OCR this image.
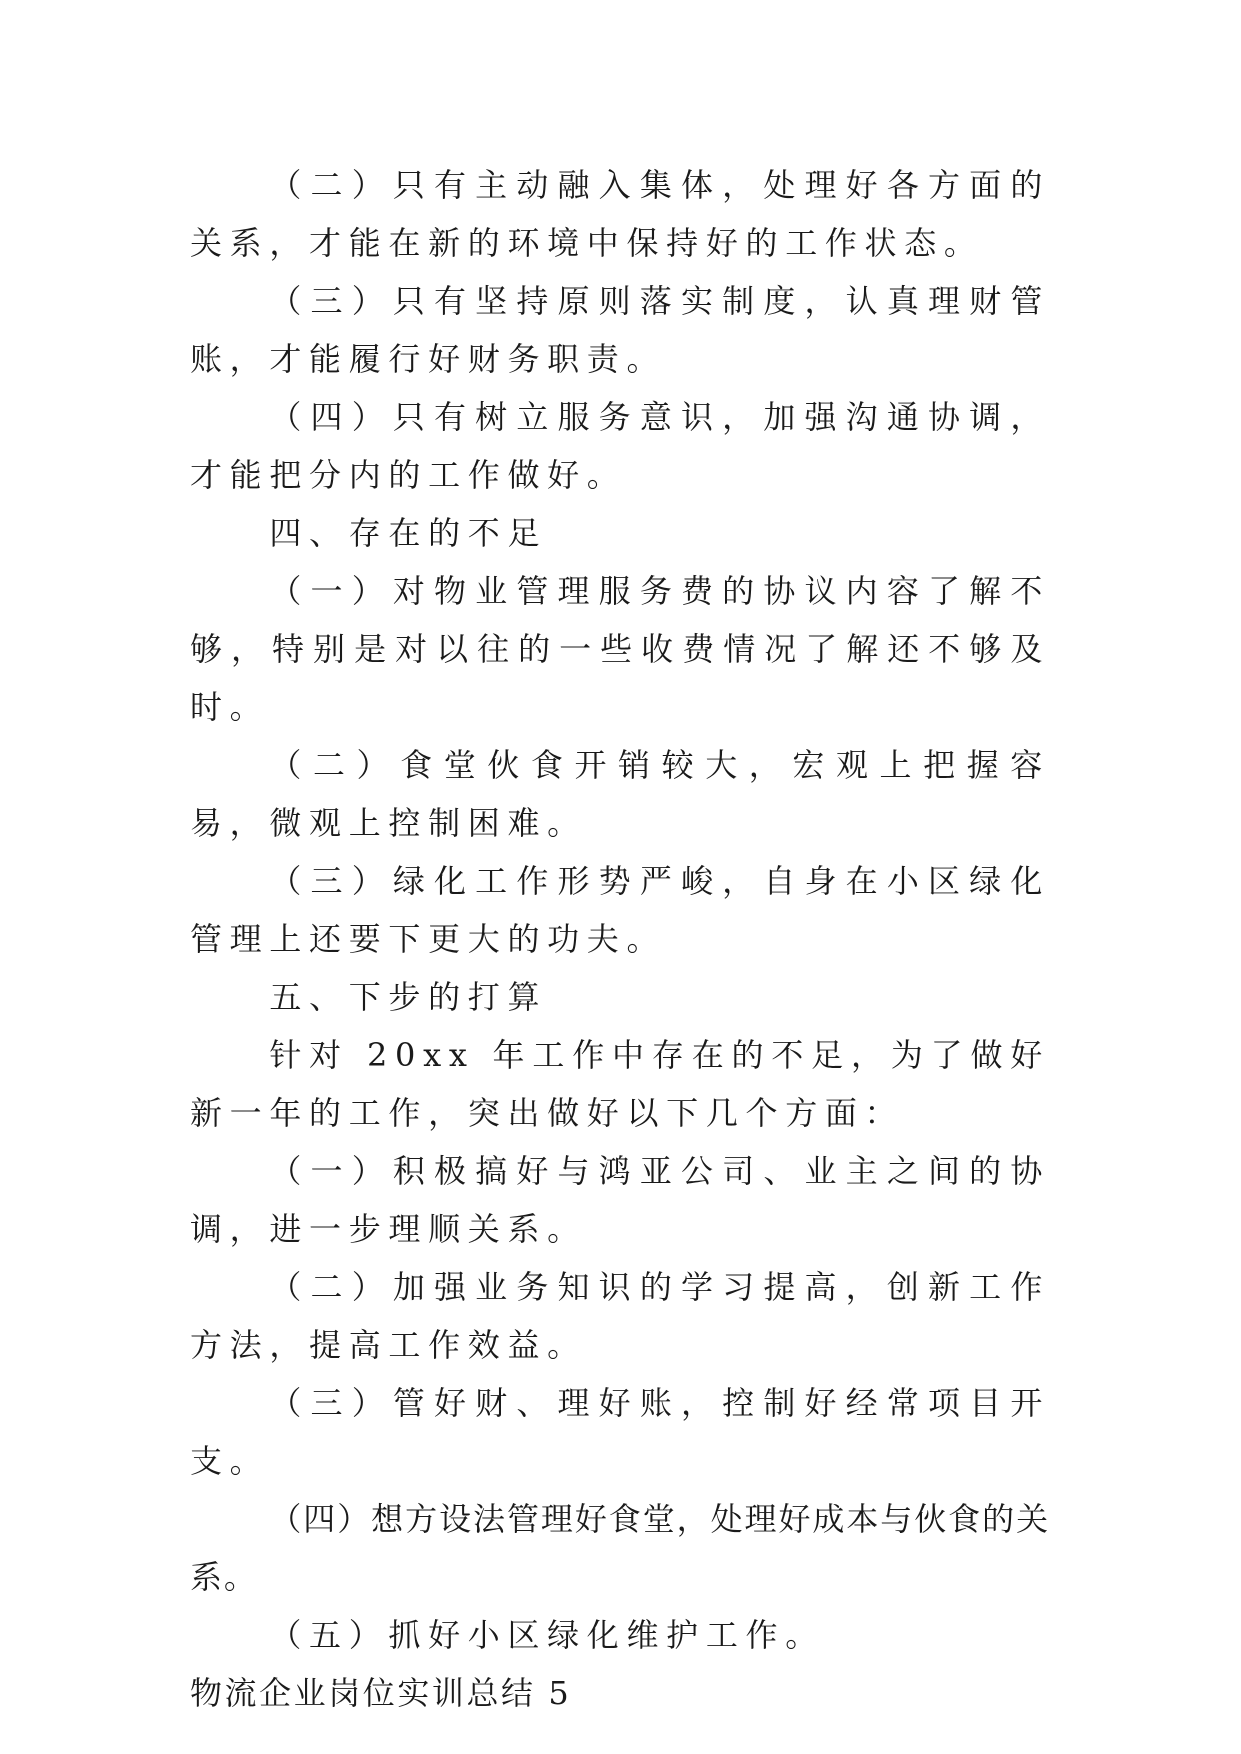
（二）只有主动融入集体，处理好各方面的关系，才能在新的环境中保持好的工作状态。

（三）只有坚持原则落实制度，认真理财管账，才能履行好财务职责。

（四）只有树立服务意识，加强沟通协调，才能把分内的工作做好。

四、存在的不足

（一）对物业管理服务费的协议内容了解不够，特别是对以往的一些收费情况了解还不够及时。

（二）食堂伙食开销较大，宏观上把握容易，微观上控制困难。

（三）绿化工作形势严峻，自身在小区绿化管理上还要下更大的功夫。

五、下步的打算

针对 20xx 年工作中存在的不足，为了做好新一年的工作，突出做好以下几个方面：

（一）积极搞好与鸿亚公司、业主之间的协调，进一步理顺关系。

（二）加强业务知识的学习提高，创新工作方法，提高工作效益。

（三）管好财、理好账，控制好经常项目开支。

（四）想方设法管理好食堂，处理好成本与伙食的关系。

（五）抓好小区绿化维护工作。

物流企业岗位实训总结 5
